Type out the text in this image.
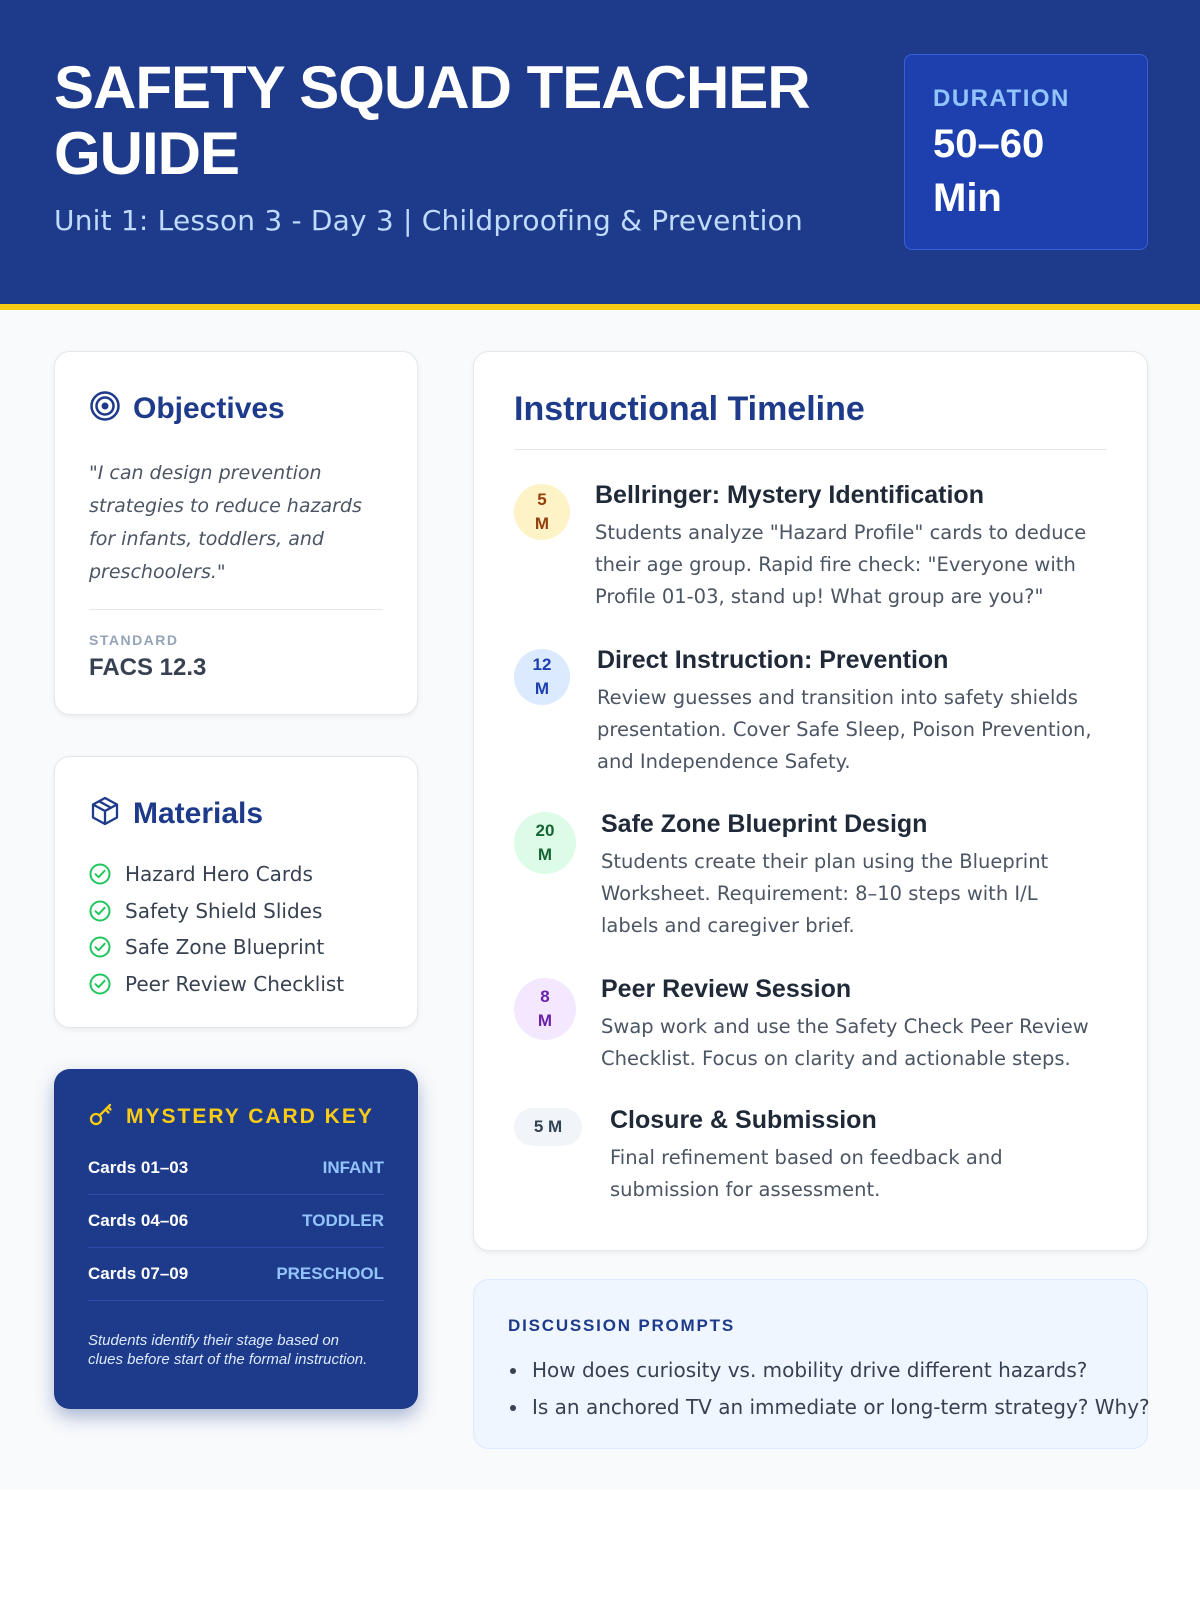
SAFETY SQUAD TEACHER GUIDE
Unit 1: Lesson 3 - Day 3 | Childproofing & Prevention
DURATION
50–60 Min
Objectives

"I can design prevention strategies to reduce hazards for infants, toddlers, and preschoolers."

STANDARD
FACS 12.3
Materials
Hazard Hero Cards
Safety Shield Slides
Safe Zone Blueprint
Peer Review Checklist
MYSTERY CARD KEY
Cards 01–03	INFANT
Cards 04–06	TODDLER
Cards 07–09	PRESCHOOL

Students identify their stage based on clues before start of the formal instruction.

Instructional Timeline
5
M
Bellringer: Mystery Identification
Students analyze "Hazard Profile" cards to deduce their age group. Rapid fire check: "Everyone with Profile 01-03, stand up! What group are you?"
12
M
Direct Instruction: Prevention
Review guesses and transition into safety shields presentation. Cover Safe Sleep, Poison Prevention, and Independence Safety.
20
M
Safe Zone Blueprint Design
Students create their plan using the Blueprint Worksheet. Requirement: 8–10 steps with I/L labels and caregiver brief.
8
M
Peer Review Session
Swap work and use the Safety Check Peer Review Checklist. Focus on clarity and actionable steps.
5 M	Closure & Submission
Final refinement based on feedback and submission for assessment.
DISCUSSION PROMPTS
How does curiosity vs. mobility drive different hazards?
Is an anchored TV an immediate or long-term strategy? Why?
